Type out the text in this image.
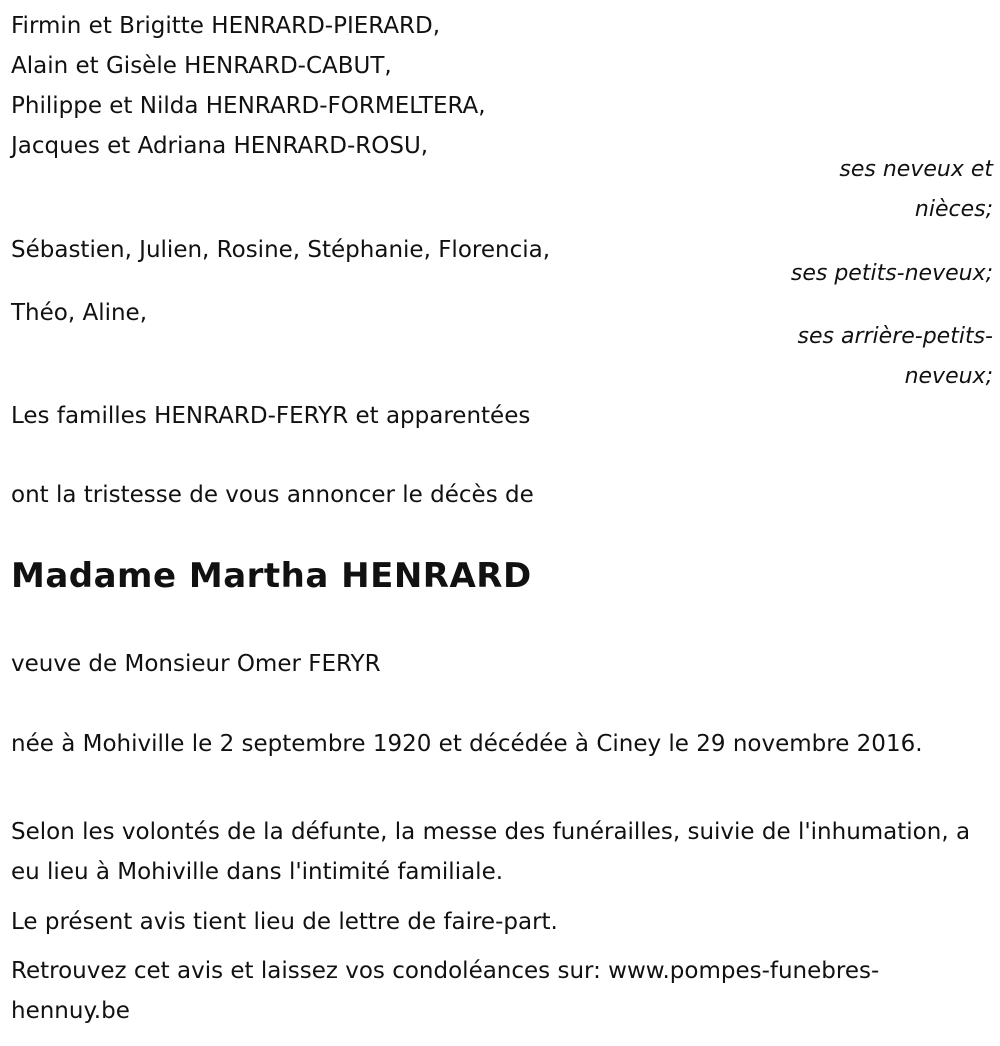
Firmin et Brigitte HENRARD-PIERARD,
Alain et Gisèle HENRARD-CABUT,
Philippe et Nilda HENRARD-FORMELTERA,
Jacques et Adriana HENRARD-ROSU,
ses neveux et
nièces;
Sébastien, Julien, Rosine, Stéphanie, Florencia,
ses petits-neveux;
Théo, Aline,
ses arrière-petits-
neveux;
Les familles HENRARD-FERYR et apparentées
ont la tristesse de vous annoncer le décès de
Madame Martha HENRARD
veuve de Monsieur Omer FERYR
née à Mohiville le 2 septembre 1920 et décédée à Ciney le 29 novembre 2016.
Selon les volontés de la défunte, la messe des funérailles, suivie de l'inhumation, a eu lieu à Mohiville dans l'intimité familiale.
Le présent avis tient lieu de lettre de faire-part.
Retrouvez cet avis et laissez vos condoléances sur: www.pompes-funebres-hennuy.be
